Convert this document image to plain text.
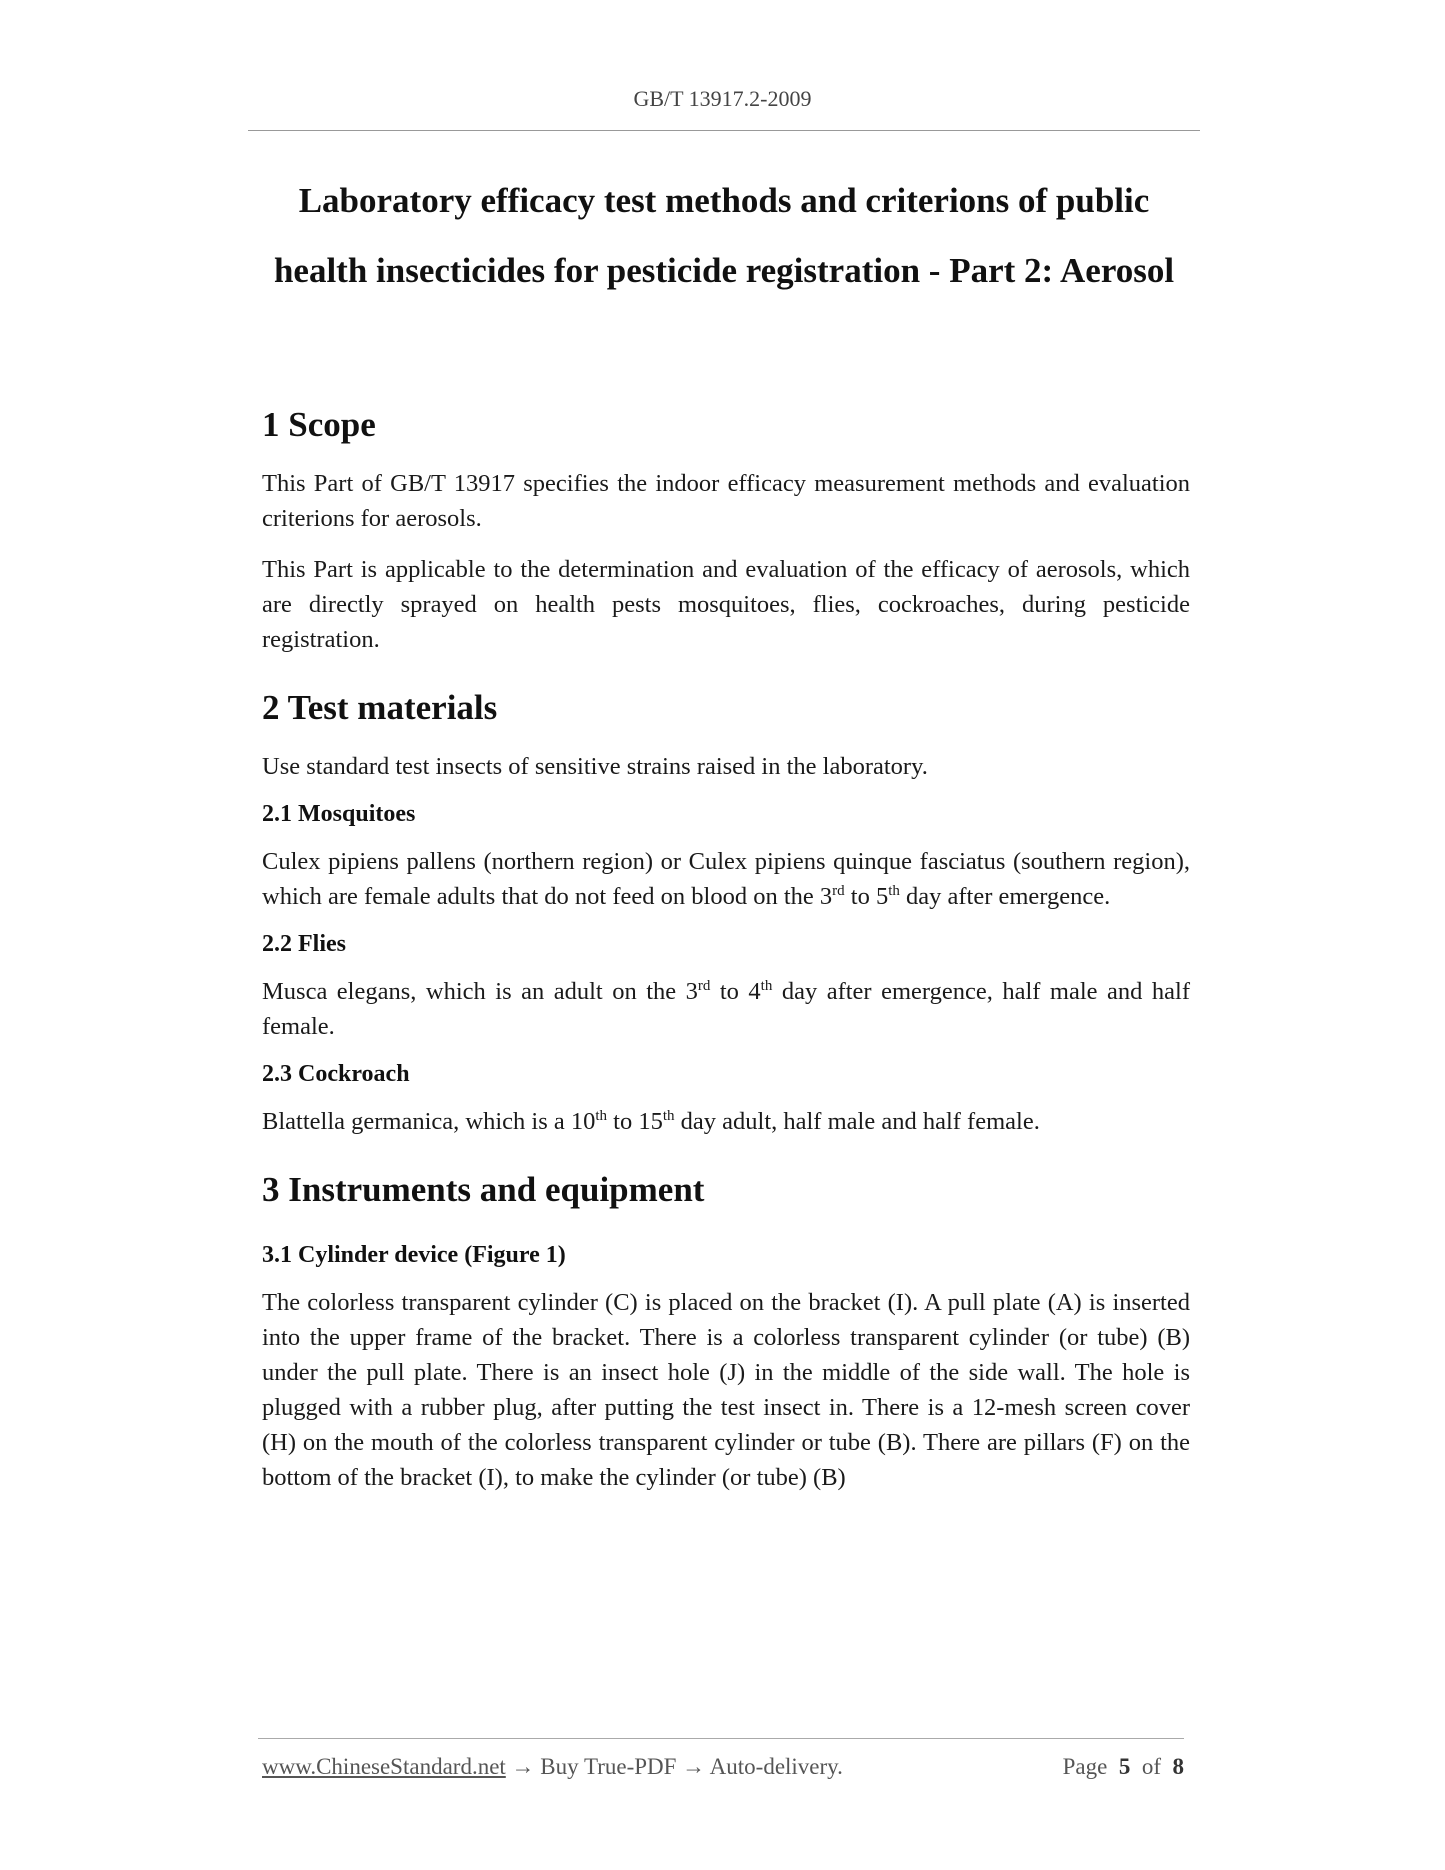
GB/T 13917.2-2009
Laboratory efficacy test methods and criterions of public
health insecticides for pesticide registration - Part 2: Aerosol
1 Scope

This Part of GB/T 13917 specifies the indoor efficacy measurement methods and evaluation criterions for aerosols.

This Part is applicable to the determination and evaluation of the efficacy of aerosols, which are directly sprayed on health pests mosquitoes, flies, cockroaches, during pesticide registration.

2 Test materials

Use standard test insects of sensitive strains raised in the laboratory.

2.1 Mosquitoes

Culex pipiens pallens (northern region) or Culex pipiens quinque fasciatus (southern region), which are female adults that do not feed on blood on the 3rd to 5th day after emergence.

2.2 Flies

Musca elegans, which is an adult on the 3rd to 4th day after emergence, half male and half female.

2.3 Cockroach

Blattella germanica, which is a 10th to 15th day adult, half male and half female.

3 Instruments and equipment
3.1 Cylinder device (Figure 1)

The colorless transparent cylinder (C) is placed on the bracket (I). A pull plate (A) is inserted into the upper frame of the bracket. There is a colorless transparent cylinder (or tube) (B) under the pull plate. There is an insect hole (J) in the middle of the side wall. The hole is plugged with a rubber plug, after putting the test insect in. There is a 12-mesh screen cover (H) on the mouth of the colorless transparent cylinder or tube (B). There are pillars (F) on the bottom of the bracket (I), to make the cylinder (or tube) (B)

www.ChineseStandard.net → Buy True-PDF → Auto-delivery.	Page 5 of 8
